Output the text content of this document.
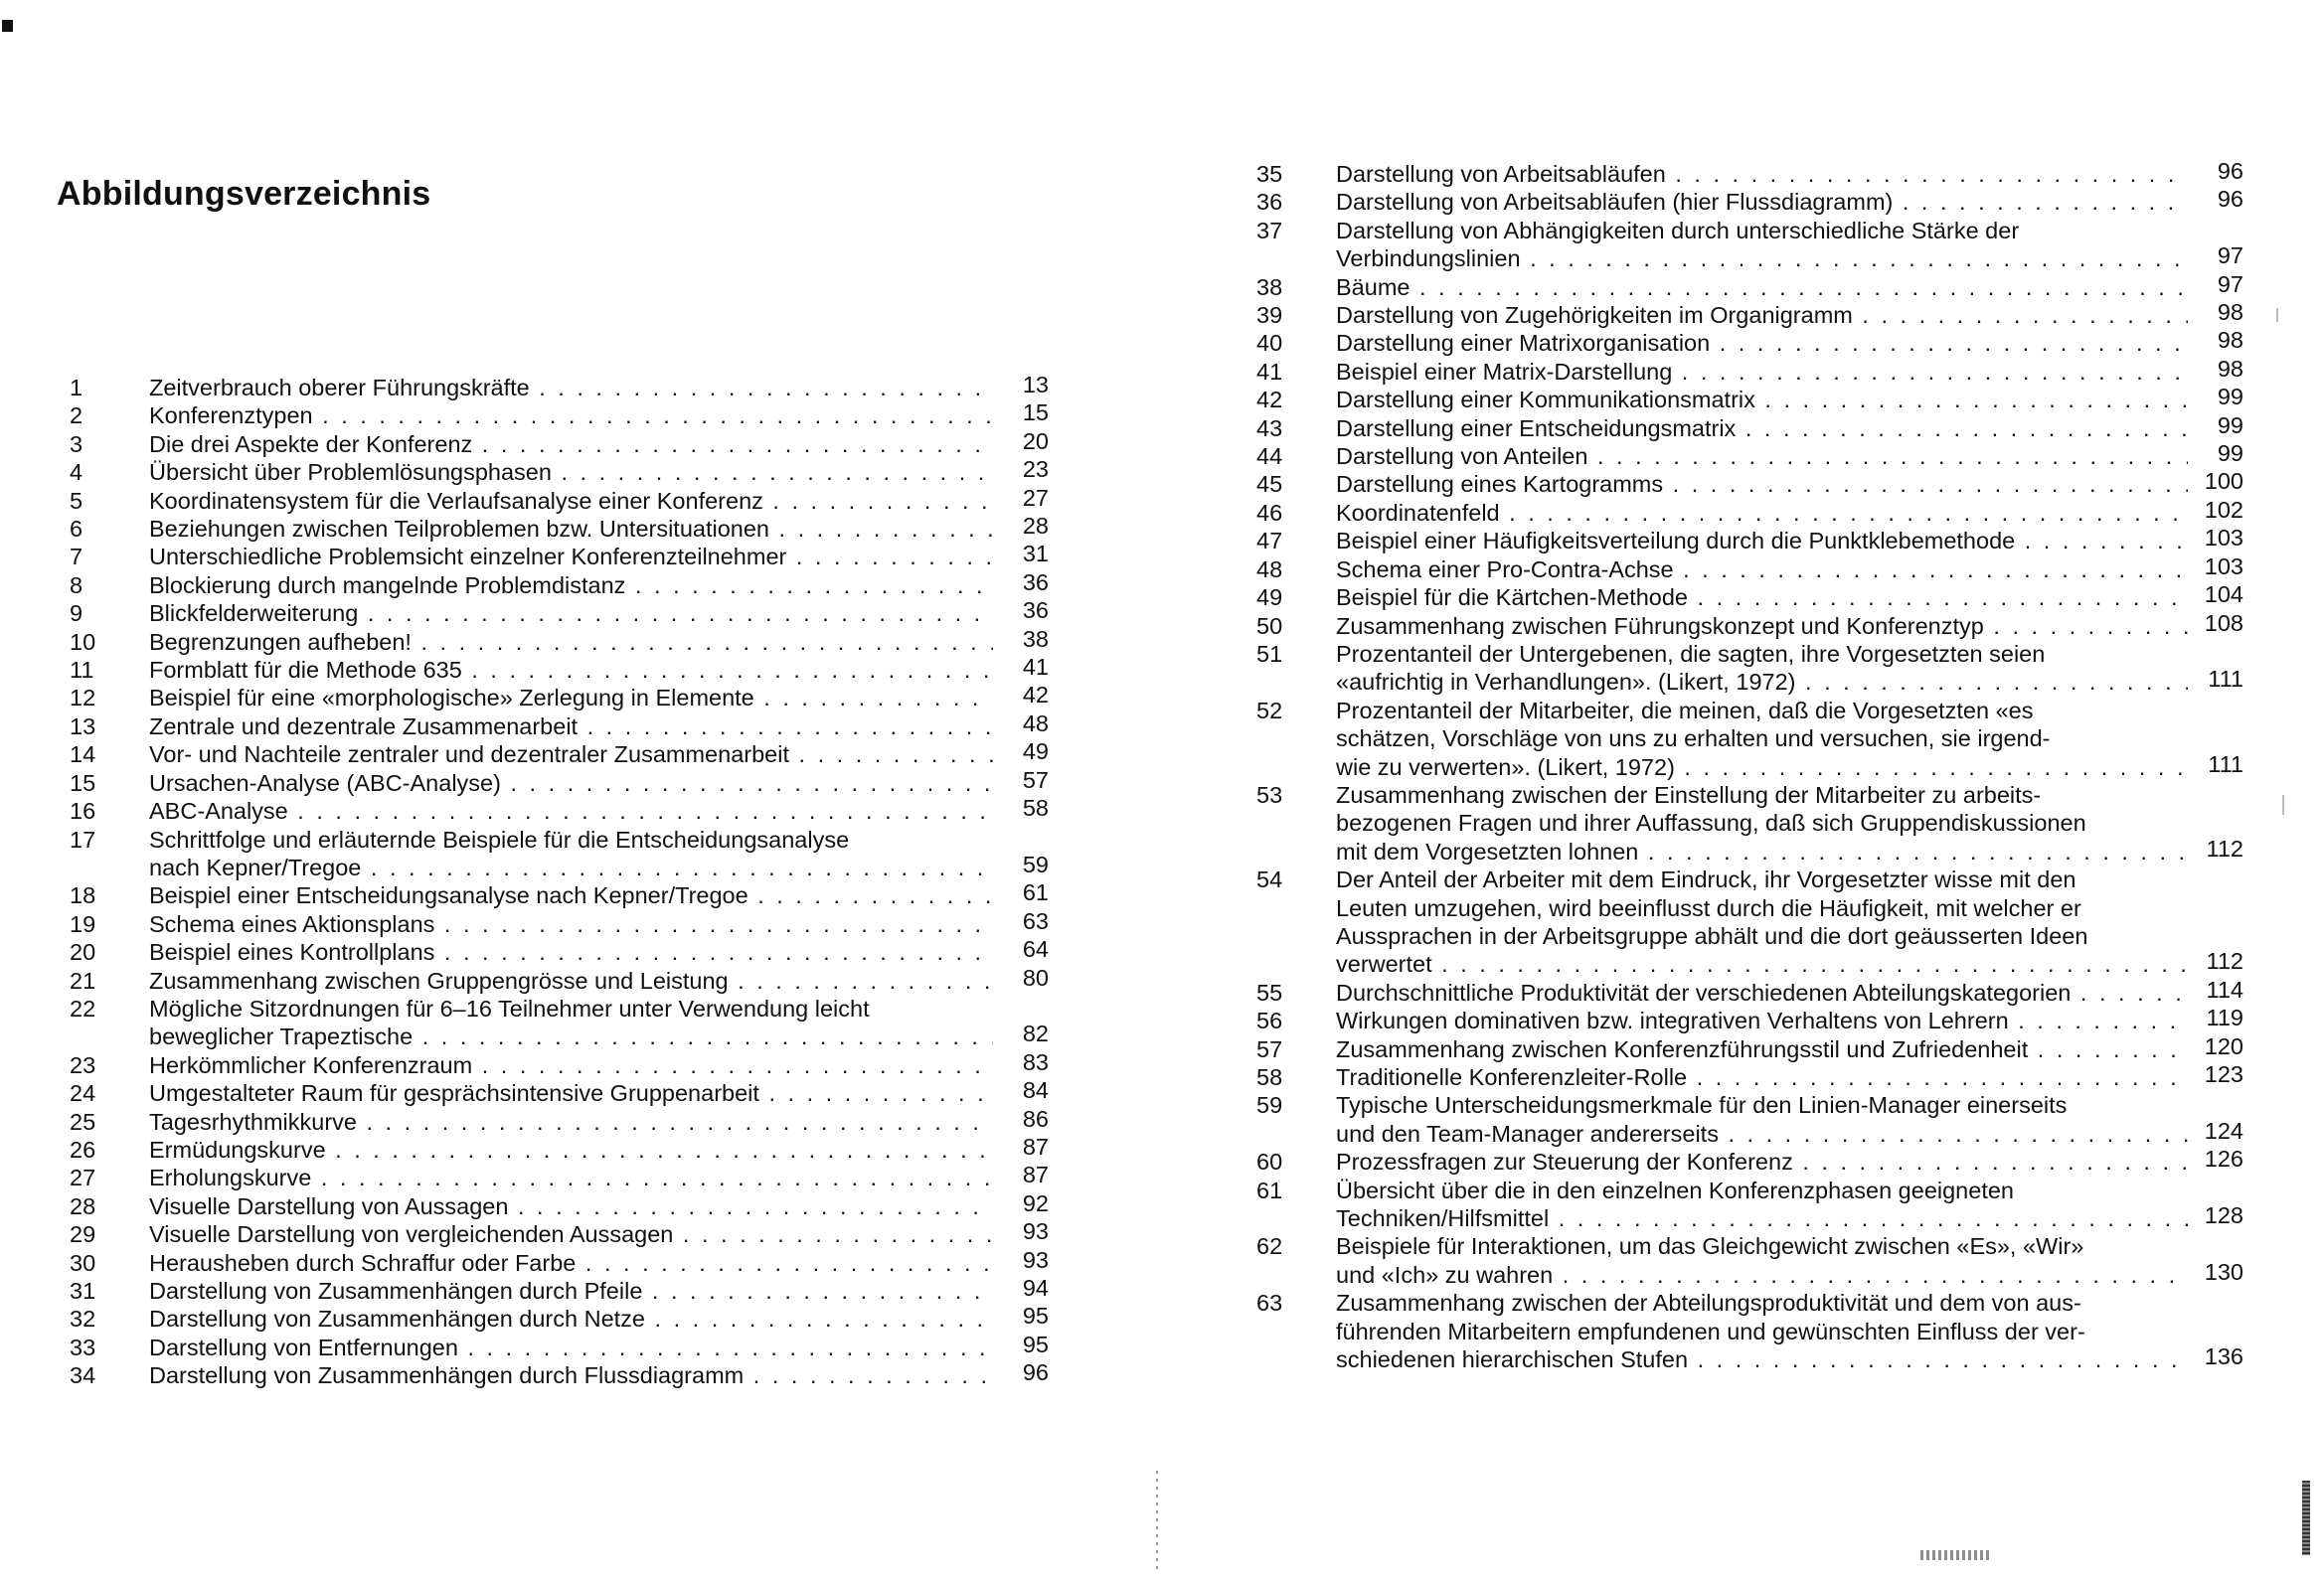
Abbildungsverzeichnis
1	Zeitverbrauch oberer Führungskräfte . . .	13
2	Konferenztypen . . .	15
3	Die drei Aspekte der Konferenz . . .	20
4	Übersicht über Problemlösungsphasen . . .	23
5	Koordinatensystem für die Verlaufsanalyse einer Konferenz . . .	27
6	Beziehungen zwischen Teilproblemen bzw. Untersituationen . . .	28
7	Unterschiedliche Problemsicht einzelner Konferenzteilnehmer . . .	31
8	Blockierung durch mangelnde Problemdistanz . . .	36
9	Blickfelderweiterung . . .	36
10 Begrenzungen aufheben! . . .	38
11 Formblatt für die Methode 635 . . .	41
12 Beispiel für eine «morphologische» Zerlegung in Elemente . . .	42
13 Zentrale und dezentrale Zusammenarbeit . . .	48
14 Vor- und Nachteile zentraler und dezentraler Zusammenarbeit . . .	49
15 Ursachen-Analyse (ABC-Analyse) . . .	57
16 ABC-Analyse . . .	58
17 Schrittfolge und erläuternde Beispiele für die Entscheidungsanalyse
nach Kepner/Tregoe . . .	59
18 Beispiel einer Entscheidungsanalyse nach Kepner/Tregoe . . .	61
19 Schema eines Aktionsplans . . .	63
20 Beispiel eines Kontrollplans . . .	64
21 Zusammenhang zwischen Gruppengrösse und Leistung . . .	80
22 Mögliche Sitzordnungen für 6–16 Teilnehmer unter Verwendung leicht
beweglicher Trapeztische . . .	82
23 Herkömmlicher Konferenzraum . . .	83
24 Umgestalteter Raum für gesprächsintensive Gruppenarbeit . . .	84
25 Tagesrhythmikkurve . . .	86
26 Ermüdungskurve . . .	87
27 Erholungskurve . . .	87
28 Visuelle Darstellung von Aussagen . . .	92
29 Visuelle Darstellung von vergleichenden Aussagen . . .	93
30 Herausheben durch Schraffur oder Farbe . . .	93
31 Darstellung von Zusammenhängen durch Pfeile . . .	94
32 Darstellung von Zusammenhängen durch Netze . . .	95
33 Darstellung von Entfernungen . . .	95
34 Darstellung von Zusammenhängen durch Flussdiagramm . . .	96
35 Darstellung von Arbeitsabläufen . . .	96
36 Darstellung von Arbeitsabläufen (hier Flussdiagramm) . . .	96
37 Darstellung von Abhängigkeiten durch unterschiedliche Stärke der
Verbindungslinien . . .	97
38 Bäume . . .	97
39 Darstellung von Zugehörigkeiten im Organigramm . . .	98
40 Darstellung einer Matrixorganisation . . .	98
41 Beispiel einer Matrix-Darstellung . . .	98
42 Darstellung einer Kommunikationsmatrix . . .	99
43 Darstellung einer Entscheidungsmatrix . . .	99
44 Darstellung von Anteilen . . .	99
45 Darstellung eines Kartogramms . . .	100
46 Koordinatenfeld . . .	102
47 Beispiel einer Häufigkeitsverteilung durch die Punktklebemethode . . .	103
48 Schema einer Pro-Contra-Achse . . .	103
49 Beispiel für die Kärtchen-Methode . . .	104
50 Zusammenhang zwischen Führungskonzept und Konferenztyp . . .	108
51 Prozentanteil der Untergebenen, die sagten, ihre Vorgesetzten seien
«aufrichtig in Verhandlungen». (Likert, 1972) . . .	111
52 Prozentanteil der Mitarbeiter, die meinen, daß die Vorgesetzten «es
schätzen, Vorschläge von uns zu erhalten und versuchen, sie irgend-
wie zu verwerten». (Likert, 1972) . . .	111
53 Zusammenhang zwischen der Einstellung der Mitarbeiter zu arbeits-
bezogenen Fragen und ihrer Auffassung, daß sich Gruppendiskussionen
mit dem Vorgesetzten lohnen . . .	112
54 Der Anteil der Arbeiter mit dem Eindruck, ihr Vorgesetzter wisse mit den
Leuten umzugehen, wird beeinflusst durch die Häufigkeit, mit welcher er
Aussprachen in der Arbeitsgruppe abhält und die dort geäusserten Ideen
verwertet . . .	112
55 Durchschnittliche Produktivität der verschiedenen Abteilungskategorien . . .	114
56 Wirkungen dominativen bzw. integrativen Verhaltens von Lehrern . . .	119
57 Zusammenhang zwischen Konferenzführungsstil und Zufriedenheit . . .	120
58 Traditionelle Konferenzleiter-Rolle . . .	123
59 Typische Unterscheidungsmerkmale für den Linien-Manager einerseits
und den Team-Manager andererseits . . .	124
60 Prozessfragen zur Steuerung der Konferenz . . .	126
61 Übersicht über die in den einzelnen Konferenzphasen geeigneten
Techniken/Hilfsmittel . . .	128
62 Beispiele für Interaktionen, um das Gleichgewicht zwischen «Es», «Wir»
und «Ich» zu wahren . . .	130
63 Zusammenhang zwischen der Abteilungsproduktivität und dem von aus-
führenden Mitarbeitern empfundenen und gewünschten Einfluss der ver-
schiedenen hierarchischen Stufen . . .	136
